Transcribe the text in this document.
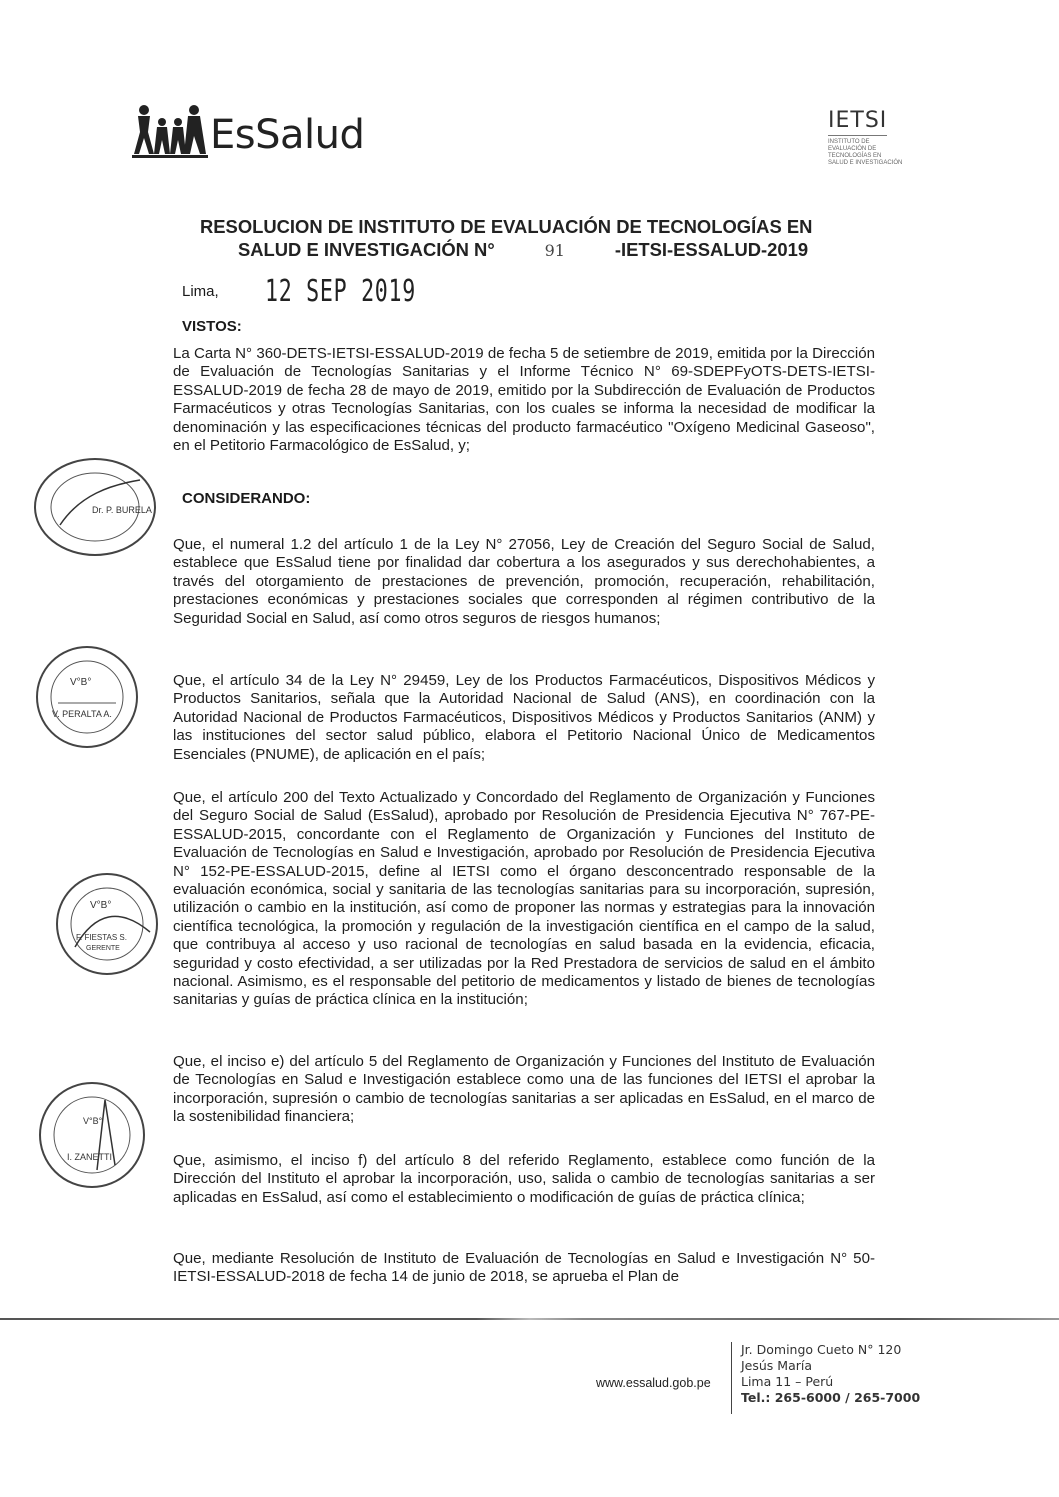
EsSalud	IETSI
INSTITUTO DE EVALUACIÓN DE TECNOLOGÍAS EN SALUD E INVESTIGACIÓN
RESOLUCION DE INSTITUTO DE EVALUACIÓN DE TECNOLOGÍAS EN
SALUD E INVESTIGACIÓN N°	91	-IETSI-ESSALUD-2019
Lima, 12 SEP 2019
VISTOS:

La Carta N° 360-DETS-IETSI-ESSALUD-2019 de fecha 5 de setiembre de 2019, emitida por la Dirección de Evaluación de Tecnologías Sanitarias y el Informe Técnico N° 69-SDEPFyOTS-DETS-IETSI-ESSALUD-2019 de fecha 28 de mayo de 2019, emitido por la Subdirección de Evaluación de Productos Farmacéuticos y otras Tecnologías Sanitarias, con los cuales se informa la necesidad de modificar la denominación y las especificaciones técnicas del producto farmacéutico "Oxígeno Medicinal Gaseoso", en el Petitorio Farmacológico de EsSalud, y;

CONSIDERANDO:

Que, el numeral 1.2 del artículo 1 de la Ley N° 27056, Ley de Creación del Seguro Social de Salud, establece que EsSalud tiene por finalidad dar cobertura a los asegurados y sus derechohabientes, a través del otorgamiento de prestaciones de prevención, promoción, recuperación, rehabilitación, prestaciones económicas y prestaciones sociales que corresponden al régimen contributivo de la Seguridad Social en Salud, así como otros seguros de riesgos humanos;

Que, el artículo 34 de la Ley N° 29459, Ley de los Productos Farmacéuticos, Dispositivos Médicos y Productos Sanitarios, señala que la Autoridad Nacional de Salud (ANS), en coordinación con la Autoridad Nacional de Productos Farmacéuticos, Dispositivos Médicos y Productos Sanitarios (ANM) y las instituciones del sector salud público, elabora el Petitorio Nacional Único de Medicamentos Esenciales (PNUME), de aplicación en el país;

Que, el artículo 200 del Texto Actualizado y Concordado del Reglamento de Organización y Funciones del Seguro Social de Salud (EsSalud), aprobado por Resolución de Presidencia Ejecutiva N° 767-PE-ESSALUD-2015, concordante con el Reglamento de Organización y Funciones del Instituto de Evaluación de Tecnologías en Salud e Investigación, aprobado por Resolución de Presidencia Ejecutiva N° 152-PE-ESSALUD-2015, define al IETSI como el órgano desconcentrado responsable de la evaluación económica, social y sanitaria de las tecnologías sanitarias para su incorporación, supresión, utilización o cambio en la institución, así como de proponer las normas y estrategias para la innovación científica tecnológica, la promoción y regulación de la investigación científica en el campo de la salud, que contribuya al acceso y uso racional de tecnologías en salud basada en la evidencia, eficacia, seguridad y costo efectividad, a ser utilizadas por la Red Prestadora de servicios de salud en el ámbito nacional. Asimismo, es el responsable del petitorio de medicamentos y listado de bienes de tecnologías sanitarias y guías de práctica clínica en la institución;

Que, el inciso e) del artículo 5 del Reglamento de Organización y Funciones del Instituto de Evaluación de Tecnologías en Salud e Investigación establece como una de las funciones del IETSI el aprobar la incorporación, supresión o cambio de tecnologías sanitarias a ser aplicadas en EsSalud, en el marco de la sostenibilidad financiera;

Que, asimismo, el inciso f) del artículo 8 del referido Reglamento, establece como función de la Dirección del Instituto el aprobar la incorporación, uso, salida o cambio de tecnologías sanitarias a ser aplicadas en EsSalud, así como el establecimiento o modificación de guías de práctica clínica;

Que, mediante Resolución de Instituto de Evaluación de Tecnologías en Salud e Investigación N° 50-IETSI-ESSALUD-2018 de fecha 14 de junio de 2018, se aprueba el Plan de

Dr. P. BURELA
V°B°
V. PERALTA A.
V°B°
F. FIESTAS S.
GERENTE
V°B°
I. ZANETTI
www.essalud.gob.pe
Jr. Domingo Cueto N° 120
Jesús María
Lima 11 – Perú
Tel.: 265-6000 / 265-7000
